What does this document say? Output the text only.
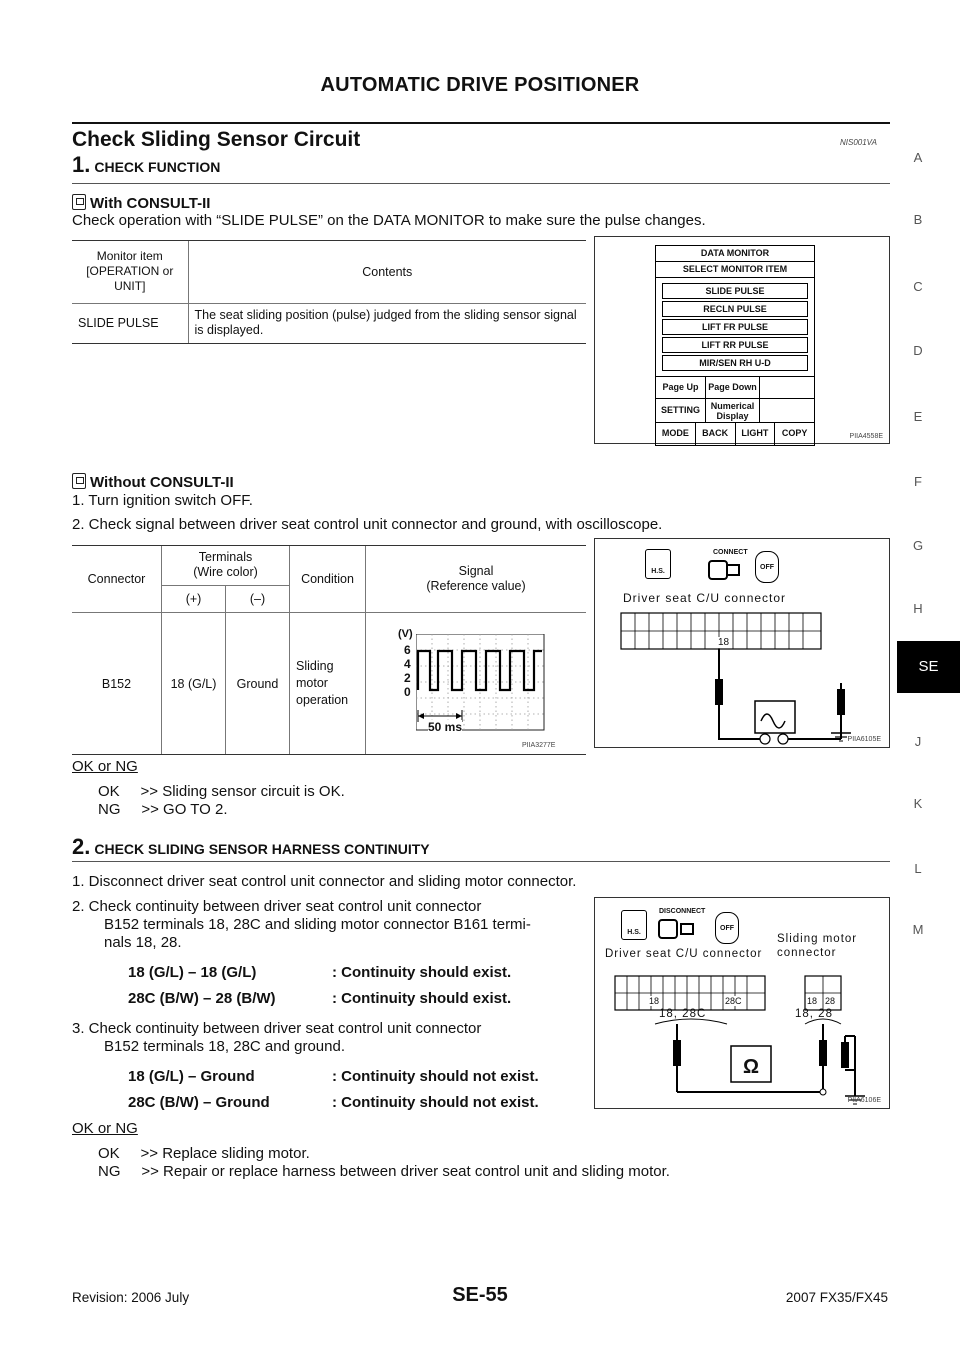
AUTOMATIC DRIVE POSITIONER
Check Sliding Sensor Circuit	NIS001VA
A
B
C
D
E
F
G
H
SE
J
K
L
M
1. CHECK FUNCTION
With CONSULT-II
Check operation with “SLIDE PULSE” on the DATA MONITOR to make sure the pulse changes.
Monitor item
[OPERATION or UNIT]	Contents
SLIDE PULSE	The seat sliding position (pulse) judged from the sliding sensor signal is displayed.
DATA MONITOR
SELECT MONITOR ITEM
SLIDE PULSE
RECLN PULSE
LIFT FR PULSE
LIFT RR PULSE
MIR/SEN RH U-D
Page Up	Page Down
SETTING	Numerical
Display
MODE	BACK	LIGHT	COPY	PIIA4558E
Without CONSULT-II
1. Turn ignition switch OFF.
2. Check signal between driver seat control unit connector and ground, with oscilloscope.
Connector
Terminals
(Wire color)
(+)	(–)
Condition
Signal
(Reference value)
B152	18 (G/L)	Ground
Sliding
motor
operation
(V)
6
4
2
0
50 ms
PIIA3277E
H.S.
CONNECT
OFF
Driver seat C/U connector
18
PIIA6105E
OK or NG
OK     >> Sliding sensor circuit is OK.
NG     >> GO TO 2.
2. CHECK SLIDING SENSOR HARNESS CONTINUITY
1. Disconnect driver seat control unit connector and sliding motor connector.
2. Check continuity between driver seat control unit connector
B152 terminals 18, 28C and sliding motor connector B161 termi-
nals 18, 28.
18 (G/L) – 18 (G/L)	: Continuity should exist.
28C (B/W) – 28 (B/W)	: Continuity should exist.
3. Check continuity between driver seat control unit connector
B152 terminals 18, 28C and ground.
18 (G/L) – Ground	: Continuity should not exist.
28C (B/W) – Ground	: Continuity should not exist.
H.S.
DISCONNECT
OFF
Sliding motor
connector
Driver seat C/U connector
18	28C	18 28
18, 28C	18, 28
Ω
PIIA6106E
OK or NG
OK     >> Replace sliding motor.
NG     >> Repair or replace harness between driver seat control unit and sliding motor.
Revision: 2006 July	SE-55	2007 FX35/FX45
